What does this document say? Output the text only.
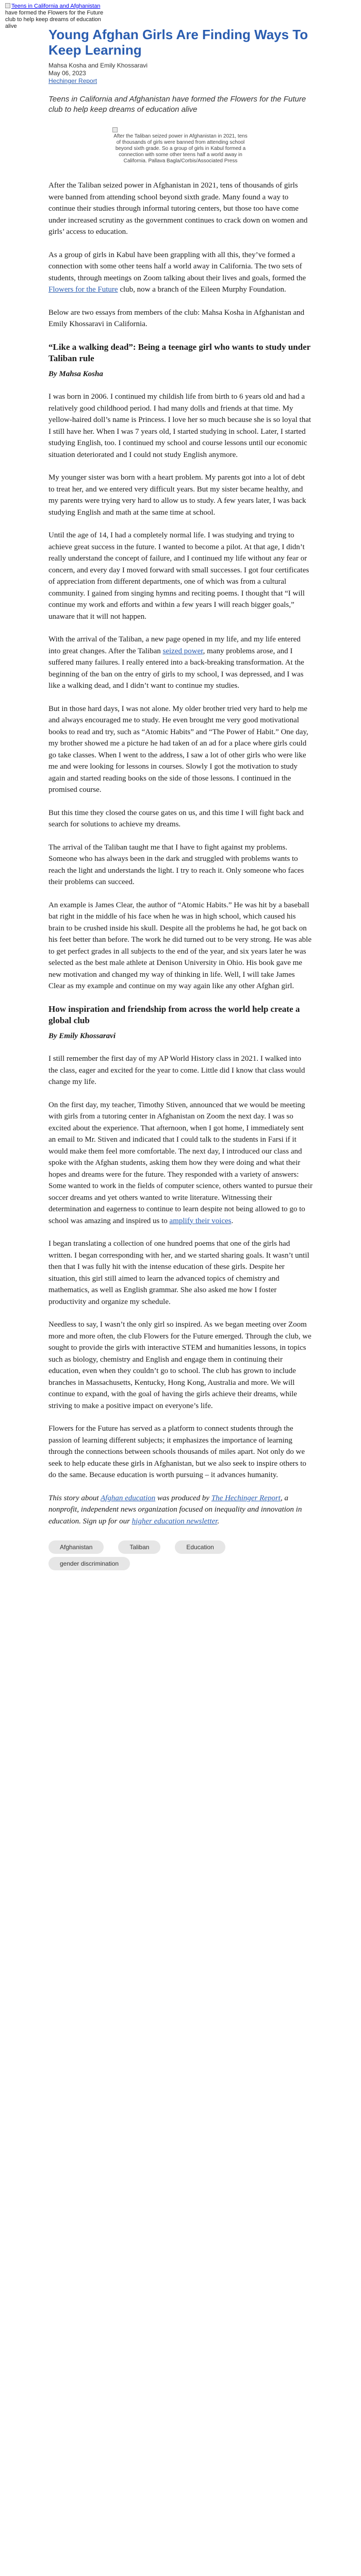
Teens in California and Afghanistan have formed the Flowers for the Future club to help keep dreams of education alive
Young Afghan Girls Are Finding Ways To Keep Learning
Mahsa Kosha and Emily Khossaravi
May 06, 2023
Hechinger Report
Teens in California and Afghanistan have formed the Flowers for the Future club to help keep dreams of education alive
After the Taliban seized power in Afghanistan in 2021, tens of thousands of girls were banned from attending school beyond sixth grade. So a group of girls in Kabul formed a connection with some other teens half a world away in California. Pallava Bagla/Corbis/Associated Press

After the Taliban seized power in Afghanistan in 2021, tens of thousands of girls were banned from attending school beyond sixth grade. Many found a way to continue their studies through informal tutoring centers, but those too have come under increased scrutiny as the government continues to crack down on women and girls’ access to education.

As a group of girls in Kabul have been grappling with all this, they’ve formed a connection with some other teens half a world away in California. The two sets of students, through meetings on Zoom talking about their lives and goals, formed the Flowers for the Future club, now a branch of the Eileen Murphy Foundation.

Below are two essays from members of the club: Mahsa Kosha in Afghanistan and Emily Khossaravi in California.

“Like a walking dead”: Being a teenage girl who wants to study under Taliban rule
By Mahsa Kosha

I was born in 2006. I continued my childish life from birth to 6 years old and had a relatively good childhood period. I had many dolls and friends at that time. My yellow-haired doll’s name is Princess. I love her so much because she is so loyal that I still have her. When I was 7 years old, I started studying in school. Later, I started studying English, too. I continued my school and course lessons until our economic situation deteriorated and I could not study English anymore.

My younger sister was born with a heart problem. My parents got into a lot of debt to treat her, and we entered very difficult years. But my sister became healthy, and my parents were trying very hard to allow us to study. A few years later, I was back studying English and math at the same time at school.

Until the age of 14, I had a completely normal life. I was studying and trying to achieve great success in the future. I wanted to become a pilot. At that age, I didn’t really understand the concept of failure, and I continued my life without any fear or concern, and every day I moved forward with small successes. I got four certificates of appreciation from different departments, one of which was from a cultural community. I gained from singing hymns and reciting poems. I thought that “I will continue my work and efforts and within a few years I will reach bigger goals,” unaware that it will not happen.

With the arrival of the Taliban, a new page opened in my life, and my life entered into great changes. After the Taliban seized power, many problems arose, and I suffered many failures. I really entered into a back-breaking transformation. At the beginning of the ban on the entry of girls to my school, I was depressed, and I was like a walking dead, and I didn’t want to continue my studies.

But in those hard days, I was not alone. My older brother tried very hard to help me and always encouraged me to study. He even brought me very good motivational books to read and try, such as “Atomic Habits” and “The Power of Habit.” One day, my brother showed me a picture he had taken of an ad for a place where girls could go take classes. When I went to the address, I saw a lot of other girls who were like me and were looking for lessons in courses. Slowly I got the motivation to study again and started reading books on the side of those lessons. I continued in the promised course.

But this time they closed the course gates on us, and this time I will fight back and search for solutions to achieve my dreams.

The arrival of the Taliban taught me that I have to fight against my problems. Someone who has always been in the dark and struggled with problems wants to reach the light and understands the light. I try to reach it. Only someone who faces their problems can succeed.

An example is James Clear, the author of “Atomic Habits.” He was hit by a baseball bat right in the middle of his face when he was in high school, which caused his brain to be crushed inside his skull. Despite all the problems he had, he got back on his feet better than before. The work he did turned out to be very strong. He was able to get perfect grades in all subjects to the end of the year, and six years later he was selected as the best male athlete at Denison University in Ohio. His book gave me new motivation and changed my way of thinking in life. Well, I will take James Clear as my example and continue on my way again like any other Afghan girl.

How inspiration and friendship from across the world help create a global club
By Emily Khossaravi

I still remember the first day of my AP World History class in 2021. I walked into the class, eager and excited for the year to come. Little did I know that class would change my life.

On the first day, my teacher, Timothy Stiven, announced that we would be meeting with girls from a tutoring center in Afghanistan on Zoom the next day. I was so excited about the experience. That afternoon, when I got home, I immediately sent an email to Mr. Stiven and indicated that I could talk to the students in Farsi if it would make them feel more comfortable. The next day, I introduced our class and spoke with the Afghan students, asking them how they were doing and what their hopes and dreams were for the future. They responded with a variety of answers: Some wanted to work in the fields of computer science, others wanted to pursue their soccer dreams and yet others wanted to write literature. Witnessing their determination and eagerness to continue to learn despite not being allowed to go to school was amazing and inspired us to amplify their voices.

I began translating a collection of one hundred poems that one of the girls had written. I began corresponding with her, and we started sharing goals. It wasn’t until then that I was fully hit with the intense education of these girls. Despite her situation, this girl still aimed to learn the advanced topics of chemistry and mathematics, as well as English grammar. She also asked me how I foster productivity and organize my schedule.

Needless to say, I wasn’t the only girl so inspired. As we began meeting over Zoom more and more often, the club Flowers for the Future emerged. Through the club, we sought to provide the girls with interactive STEM and humanities lessons, in topics such as biology, chemistry and English and engage them in continuing their education, even when they couldn’t go to school. The club has grown to include branches in Massachusetts, Kentucky, Hong Kong, Australia and more. We will continue to expand, with the goal of having the girls achieve their dreams, while striving to make a positive impact on everyone’s life.

Flowers for the Future has served as a platform to connect students through the passion of learning different subjects; it emphasizes the importance of learning through the connections between schools thousands of miles apart. Not only do we seek to help educate these girls in Afghanistan, but we also seek to inspire others to do the same. Because education is worth pursuing – it advances humanity.

This story about Afghan education was produced by The Hechinger Report, a nonprofit, independent news organization focused on inequality and innovation in education. Sign up for our higher education newsletter.

Afghanistan	Taliban	Education
gender discrimination
